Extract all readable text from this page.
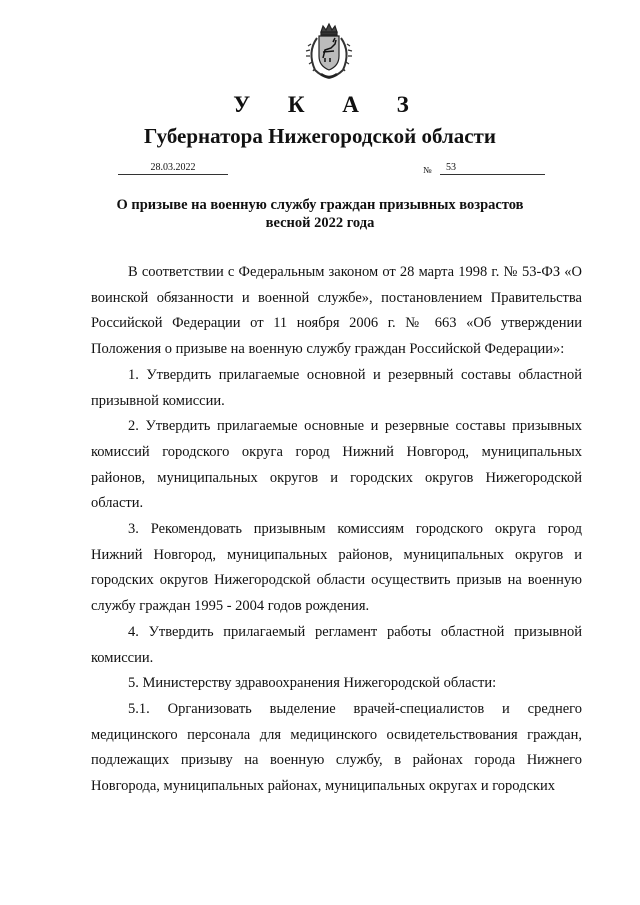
У К А З
Губернатора Нижегородской области
28.03.2022	№	53
О призыве на военную службу граждан призывных возрастов
весной 2022 года

В соответствии с Федеральным законом от 28 марта 1998 г. № 53-ФЗ «О воинской обязанности и военной службе», постановлением Правительства Российской Федерации от 11 ноября 2006 г. № 663 «Об утверждении Положения о призыве на военную службу граждан Российской Федерации»:

1. Утвердить прилагаемые основной и резервный составы областной призывной комиссии.

2. Утвердить прилагаемые основные и резервные составы призывных комиссий городского округа город Нижний Новгород, муниципальных районов, муниципальных округов и городских округов Нижегородской области.

3. Рекомендовать призывным комиссиям городского округа город Нижний Новгород, муниципальных районов, муниципальных округов и городских округов Нижегородской области осуществить призыв на военную службу граждан 1995 - 2004 годов рождения.

4. Утвердить прилагаемый регламент работы областной призывной комиссии.

5. Министерству здравоохранения Нижегородской области:

5.1. Организовать выделение врачей-специалистов и среднего медицинского персонала для медицинского освидетельствования граждан, подлежащих призыву на военную службу, в районах города Нижнего Новгорода, муниципальных районах, муниципальных округах и городских
